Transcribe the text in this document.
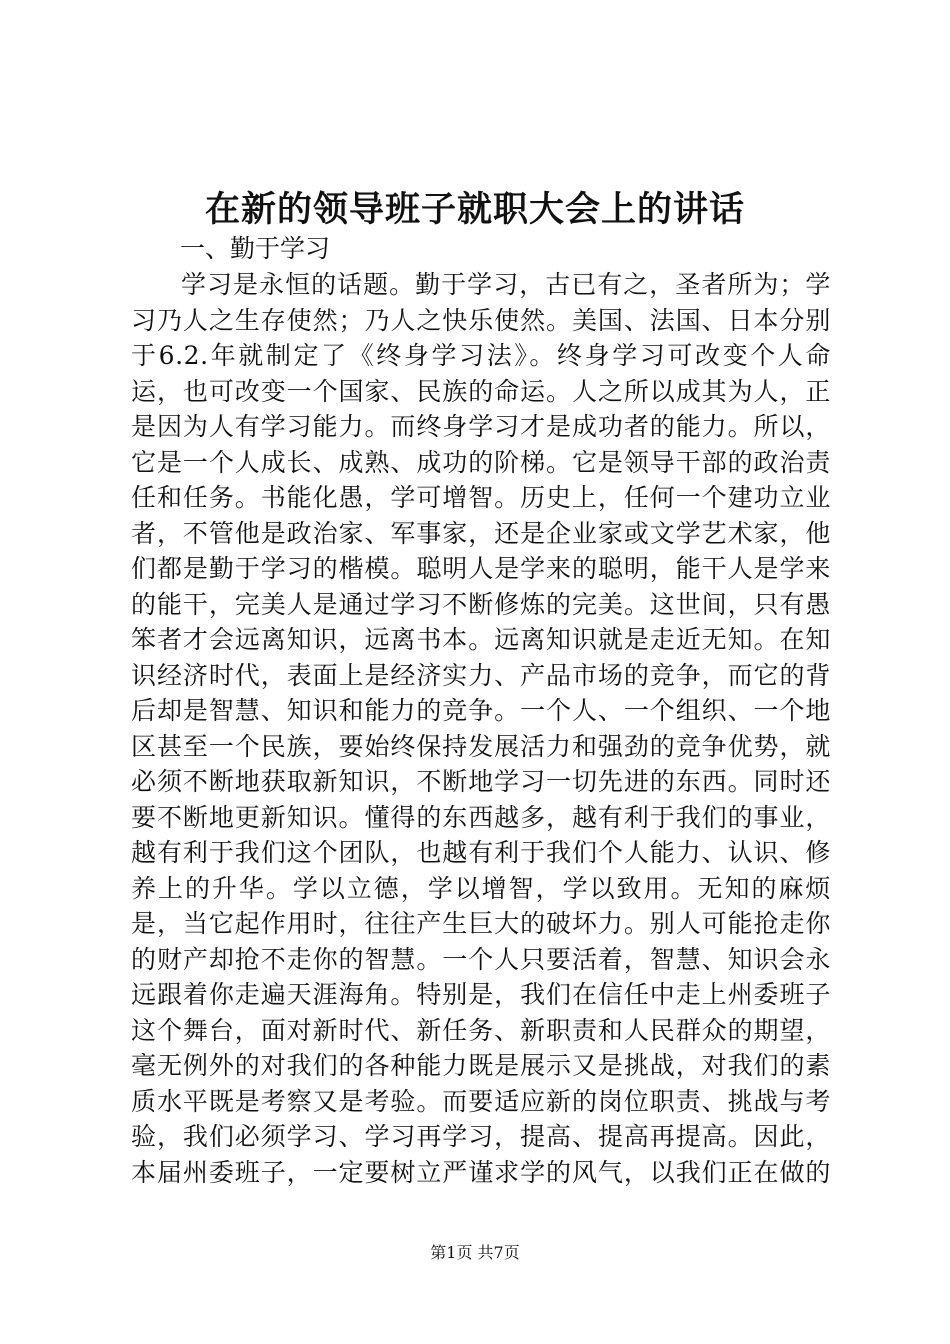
在新的领导班子就职大会上的讲话

一、勤于学习

学习是永恒的话题。勤于学习，古已有之，圣者所为；学习乃人之生存使然；乃人之快乐使然。美国、法国、日本分别于6.2.年就制定了《终身学习法》。终身学习可改变个人命运，也可改变一个国家、民族的命运。人之所以成其为人，正是因为人有学习能力。而终身学习才是成功者的能力。所以，它是一个人成长、成熟、成功的阶梯。它是领导干部的政治责任和任务。书能化愚，学可增智。历史上，任何一个建功立业者，不管他是政治家、军事家，还是企业家或文学艺术家，他们都是勤于学习的楷模。聪明人是学来的聪明，能干人是学来的能干，完美人是通过学习不断修炼的完美。这世间，只有愚笨者才会远离知识，远离书本。远离知识就是走近无知。在知识经济时代，表面上是经济实力、产品市场的竞争，而它的背后却是智慧、知识和能力的竞争。一个人、一个组织、一个地区甚至一个民族，要始终保持发展活力和强劲的竞争优势，就必须不断地获取新知识，不断地学习一切先进的东西。同时还要不断地更新知识。懂得的东西越多，越有利于我们的事业，越有利于我们这个团队，也越有利于我们个人能力、认识、修养上的升华。学以立德，学以增智，学以致用。无知的麻烦是，当它起作用时，往往产生巨大的破坏力。别人可能抢走你的财产却抢不走你的智慧。一个人只要活着，智慧、知识会永远跟着你走遍天涯海角。特别是，我们在信任中走上州委班子这个舞台，面对新时代、新任务、新职责和人民群众的期望，毫无例外的对我们的各种能力既是展示又是挑战，对我们的素质水平既是考察又是考验。而要适应新的岗位职责、挑战与考验，我们必须学习、学习再学习，提高、提高再提高。因此，本届州委班子，一定要树立严谨求学的风气，以我们正在做的

第1页 共7页
